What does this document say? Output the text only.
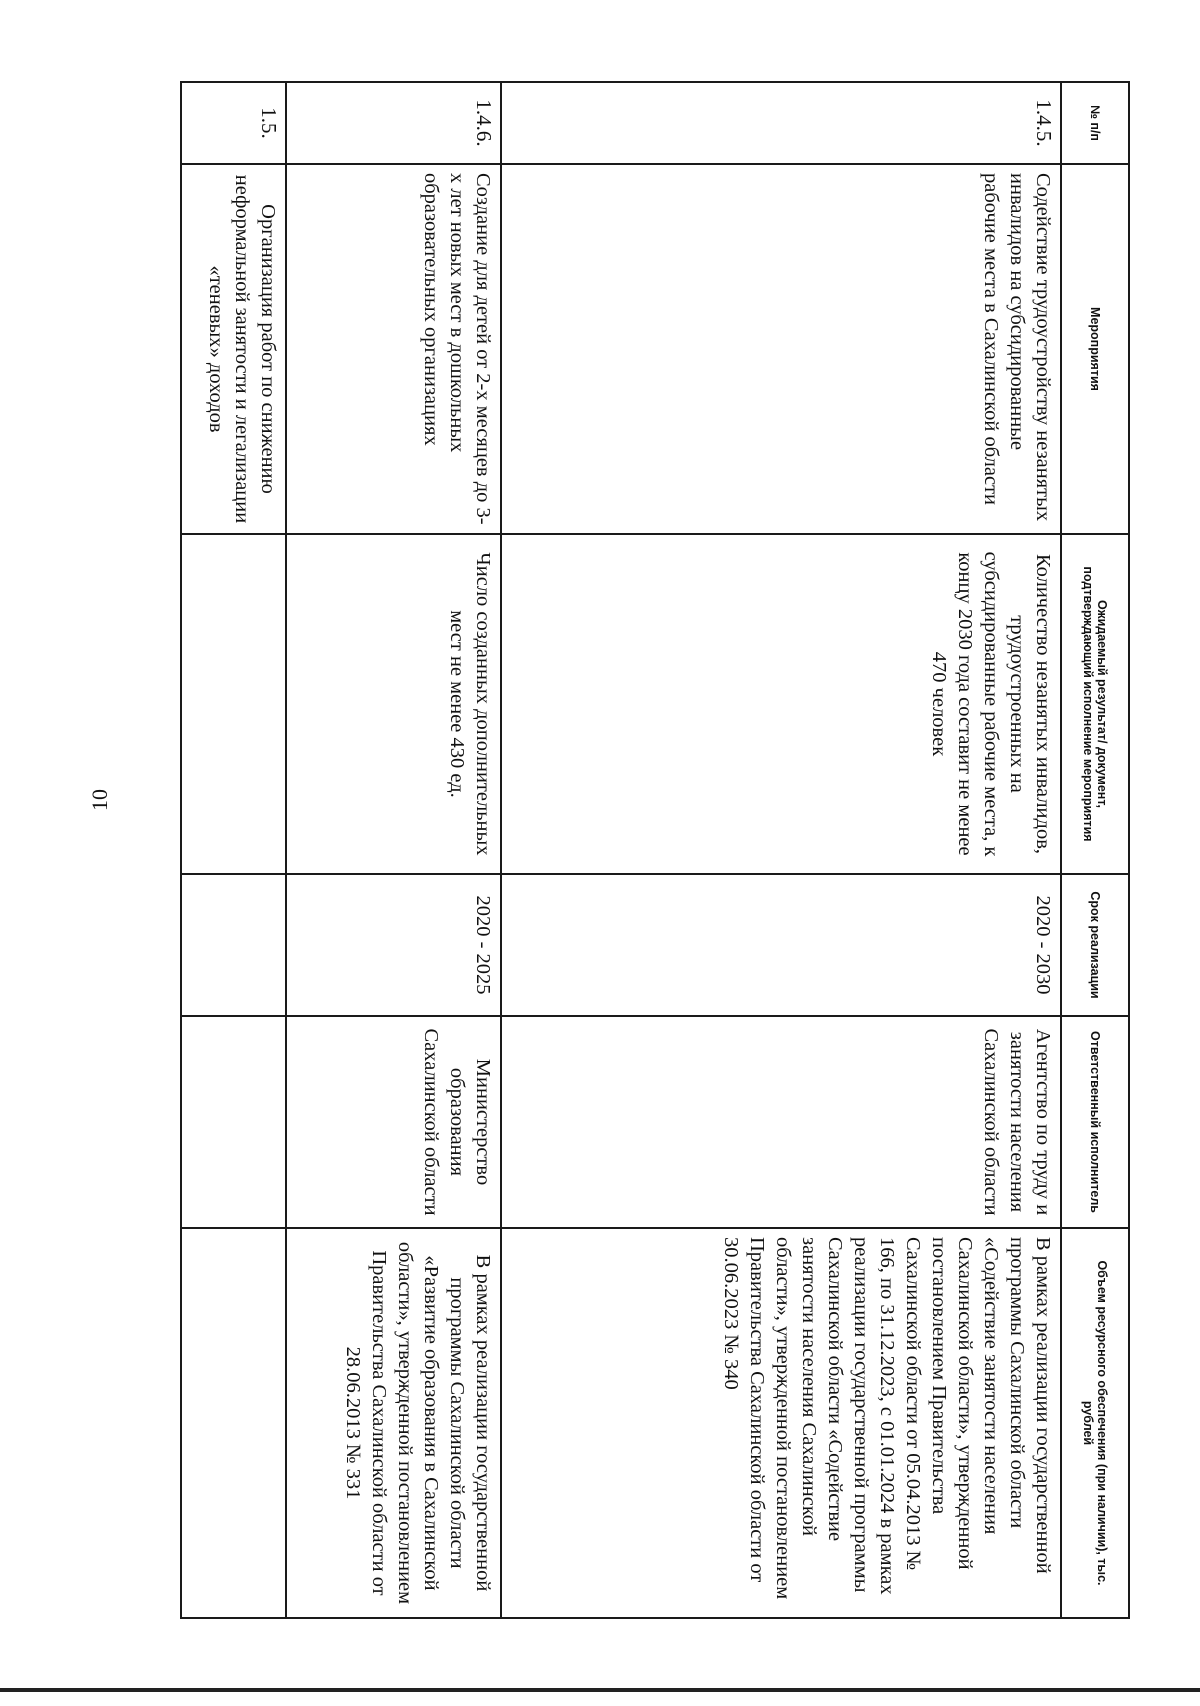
10
№ п/п	Мероприятия	Ожидаемый результат/ документ, подтверждающий исполнение мероприятия	Срок реализации	Ответственный исполнитель	Объем ресурсного обеспечения (при наличии), тыс. рублей
1.4.5.	Содействие трудоустройству незанятых инвалидов на субсидированные рабочие места в Сахалинской области	Количество незанятых инвалидов, трудоустроенных на субсидированные рабочие места, к концу 2030 года составит не менее 470 человек	2020 - 2030	Агентство по труду и занятости населения Сахалинской области	В рамках реализации государственной программы Сахалинской области «Содействие занятости населения Сахалинской области», утвержденной постановлением Правительства Сахалинской области от 05.04.2013 № 166, по 31.12.2023, с 01.01.2024 в рамках реализации государственной программы Сахалинской области «Содействие занятости населения Сахалинской области», утвержденной постановлением Правительства Сахалинской области от 30.06.2023 № 340
1.4.6.	Создание для детей от 2-х месяцев до 3-х лет новых мест в дошкольных образовательных организациях	Число созданных дополнительных мест не менее 430 ед.	2020 - 2025	Министерство образования Сахалинской области	В рамках реализации государственной программы Сахалинской области «Развитие образования в Сахалинской области», утвержденной постановлением Правительства Сахалинской области от 28.06.2013 № 331
1.5.	Организация работ по снижению неформальной занятости и легализации «теневых» доходов				
